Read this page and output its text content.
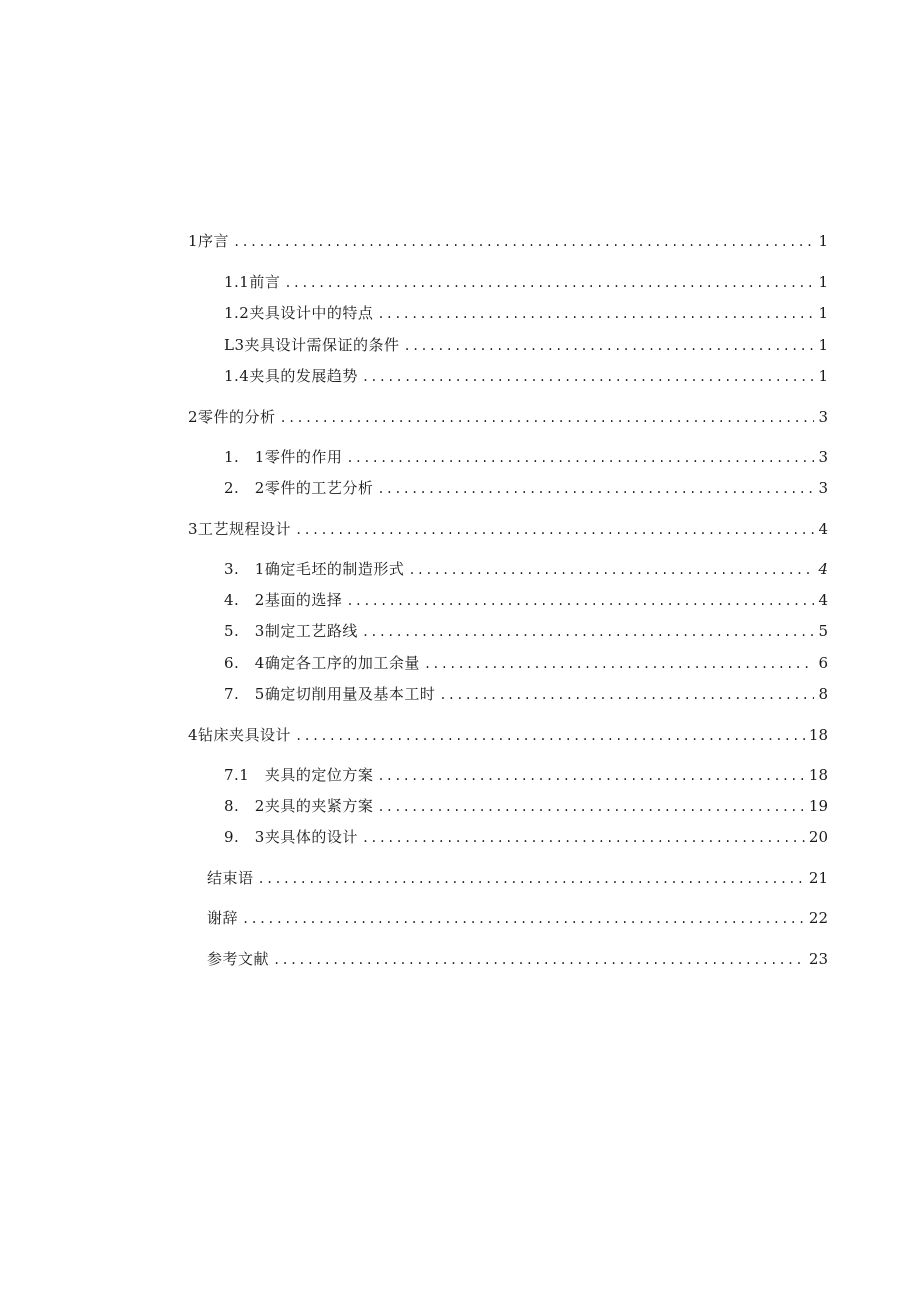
1序言 .....	1
1.1前言 .....	1
1.2夹具设计中的特点 .....	1
L3夹具设计需保证的条件 .....	1
1.4夹具的发展趋势 .....	1
2零件的分析 .....	3
1.　1零件的作用 .....	3
2.　2零件的工艺分析 .....	3
3工艺规程设计 .....	4
3.　1确定毛坯的制造形式 .....	4
4.　2基面的选择 .....	4
5.　3制定工艺路线 .....	5
6.　4确定各工序的加工余量 .....	6
7.　5确定切削用量及基本工时 .....	8
4钻床夹具设计 .....	18
7.1　夹具的定位方案 .....	18
8.　2夹具的夹紧方案 .....	19
9.　3夹具体的设计 .....	20
结束语 .....	21
谢辞 .....	22
参考文献 .....	23
